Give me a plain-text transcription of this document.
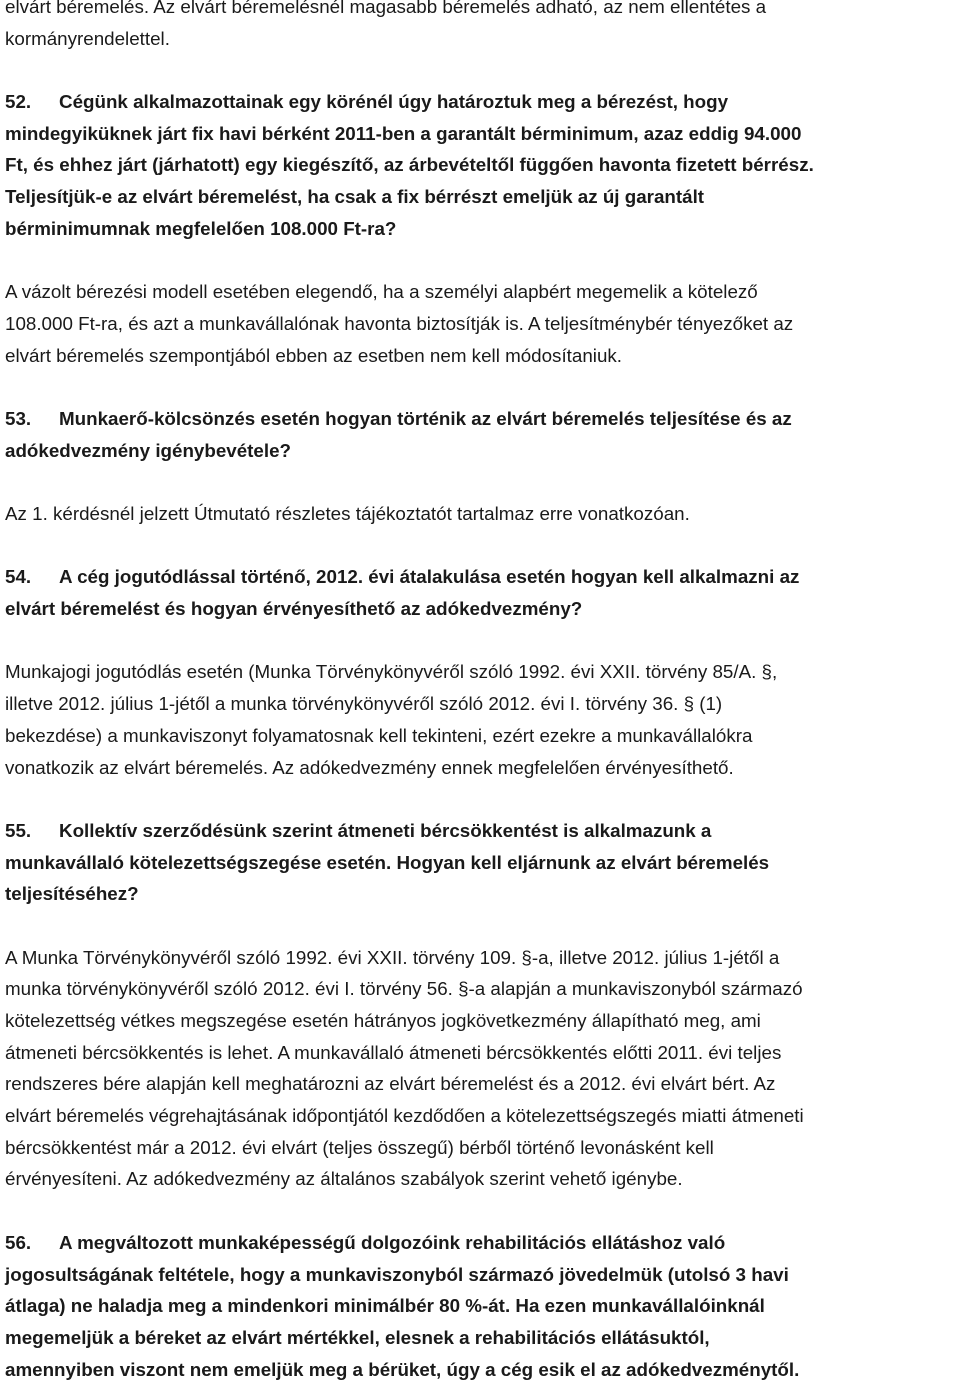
elvárt béremelés. Az elvárt béremelésnél magasabb béremelés adható, az nem ellentétes a
kormányrendelettel.
52. Cégünk alkalmazottainak egy körénél úgy határoztuk meg a bérezést, hogy
mindegyiküknek járt fix havi bérként 2011-ben a garantált bérminimum, azaz eddig 94.000
Ft, és ehhez járt (járhatott) egy kiegészítő, az árbevételtől függően havonta fizetett bérrész.
Teljesítjük-e az elvárt béremelést, ha csak a fix bérrészt emeljük az új garantált
bérminimumnak megfelelően 108.000 Ft-ra?
A vázolt bérezési modell esetében elegendő, ha a személyi alapbért megemelik a kötelező
108.000 Ft-ra, és azt a munkavállalónak havonta biztosítják is. A teljesítménybér tényezőket az
elvárt béremelés szempontjából ebben az esetben nem kell módosítaniuk.
53. Munkaerő-kölcsönzés esetén hogyan történik az elvárt béremelés teljesítése és az
adókedvezmény igénybevétele?
Az 1. kérdésnél jelzett Útmutató részletes tájékoztatót tartalmaz erre vonatkozóan.
54. A cég jogutódlással történő, 2012. évi átalakulása esetén hogyan kell alkalmazni az
elvárt béremelést és hogyan érvényesíthető az adókedvezmény?
Munkajogi jogutódlás esetén (Munka Törvénykönyvéről szóló 1992. évi XXII. törvény 85/A. §,
illetve 2012. július 1-jétől a munka törvénykönyvéről szóló 2012. évi I. törvény 36. § (1)
bekezdése) a munkaviszonyt folyamatosnak kell tekinteni, ezért ezekre a munkavállalókra
vonatkozik az elvárt béremelés. Az adókedvezmény ennek megfelelően érvényesíthető.
55. Kollektív szerződésünk szerint átmeneti bércsökkentést is alkalmazunk a
munkavállaló kötelezettségszegése esetén. Hogyan kell eljárnunk az elvárt béremelés
teljesítéséhez?
A Munka Törvénykönyvéről szóló 1992. évi XXII. törvény 109. §-a, illetve 2012. július 1-jétől a
munka törvénykönyvéről szóló 2012. évi I. törvény 56. §-a alapján a munkaviszonyból származó
kötelezettség vétkes megszegése esetén hátrányos jogkövetkezmény állapítható meg, ami
átmeneti bércsökkentés is lehet. A munkavállaló átmeneti bércsökkentés előtti 2011. évi teljes
rendszeres bére alapján kell meghatározni az elvárt béremelést és a 2012. évi elvárt bért. Az
elvárt béremelés végrehajtásának időpontjától kezdődően a kötelezettségszegés miatti átmeneti
bércsökkentést már a 2012. évi elvárt (teljes összegű) bérből történő levonásként kell
érvényesíteni. Az adókedvezmény az általános szabályok szerint vehető igénybe.
56. A megváltozott munkaképességű dolgozóink rehabilitációs ellátáshoz való
jogosultságának feltétele, hogy a munkaviszonyból származó jövedelmük (utolsó 3 havi
átlaga) ne haladja meg a mindenkori minimálbér 80 %-át. Ha ezen munkavállalóinknál
megemeljük a béreket az elvárt mértékkel, elesnek a rehabilitációs ellátásuktól,
amennyiben viszont nem emeljük meg a bérüket, úgy a cég esik el az adókedvezménytől.
